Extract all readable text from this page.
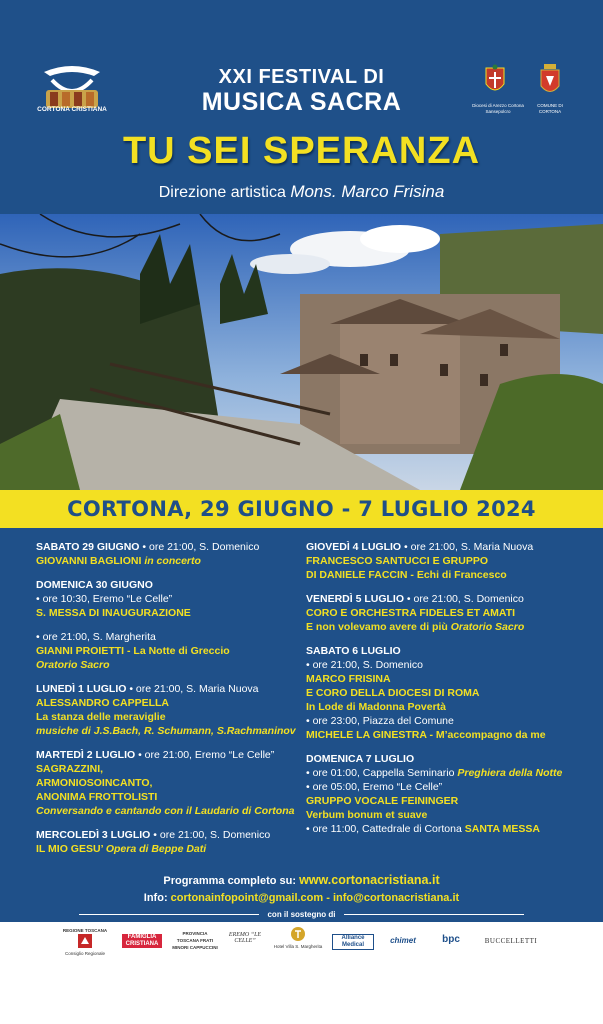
CORTONA CRISTIANA
Diocesi di Arezzo Cortona Sansepolcro
COMUNE DI CORTONA
XXI FESTIVAL DI
MUSICA SACRA
TU SEI SPERANZA
Direzione artistica Mons. Marco Frisina
CORTONA, 29 GIUGNO - 7 LUGLIO 2024

SABATO 29 GIUGNO • ore 21:00, S. Domenico

GIOVANNI BAGLIONI in concerto

DOMENICA 30 GIUGNO

• ore 10:30, Eremo “Le Celle”

S. MESSA DI INAUGURAZIONE

• ore 21:00, S. Margherita

GIANNI PROIETTI - La Notte di Greccio

Oratorio Sacro

LUNEDÌ 1 LUGLIO • ore 21:00, S. Maria Nuova

ALESSANDRO CAPPELLA

La stanza delle meraviglie

musiche di J.S.Bach, R. Schumann, S.Rachmaninov

MARTEDÌ 2 LUGLIO • ore 21:00, Eremo “Le Celle”

SAGRAZZINI,

ARMONIOSOINCANTO,

ANONIMA FROTTOLISTI

Conversando e cantando con il Laudario di Cortona

MERCOLEDÌ 3 LUGLIO • ore 21:00, S. Domenico

IL MIO GESU’ Opera di Beppe Dati

GIOVEDÌ 4 LUGLIO • ore 21:00, S. Maria Nuova

FRANCESCO SANTUCCI E GRUPPO

DI DANIELE FACCIN - Echi di Francesco

VENERDÌ 5 LUGLIO • ore 21:00, S. Domenico

CORO E ORCHESTRA FIDELES ET AMATI

E non volevamo avere di più Oratorio Sacro

SABATO 6 LUGLIO

• ore 21:00, S. Domenico

MARCO FRISINA

E CORO DELLA DIOCESI DI ROMA

In Lode di Madonna Povertà

• ore 23:00, Piazza del Comune

MICHELE LA GINESTRA - M’accompagno da me

DOMENICA 7 LUGLIO

• ore 01:00, Cappella Seminario Preghiera della Notte

• ore 05:00, Eremo “Le Celle”

GRUPPO VOCALE FEININGER

Verbum bonum et suave

• ore 11:00, Cattedrale di Cortona SANTA MESSA

Programma completo su: www.cortonacristiana.it
Info: cortonainfopoint@gmail.com - info@cortonacristiana.it
con il sostegno di
REGIONE TOSCANA
Consiglio Regionale
FAMIGLIA CRISTIANA
PROVINCIA TOSCANA FRATI MINORI CAPPUCCINI
EREMO “LE CELLE”
Hotel Villa S. Margherita
Alliance Medical	chimet	bpc	BUCCELLETTI
